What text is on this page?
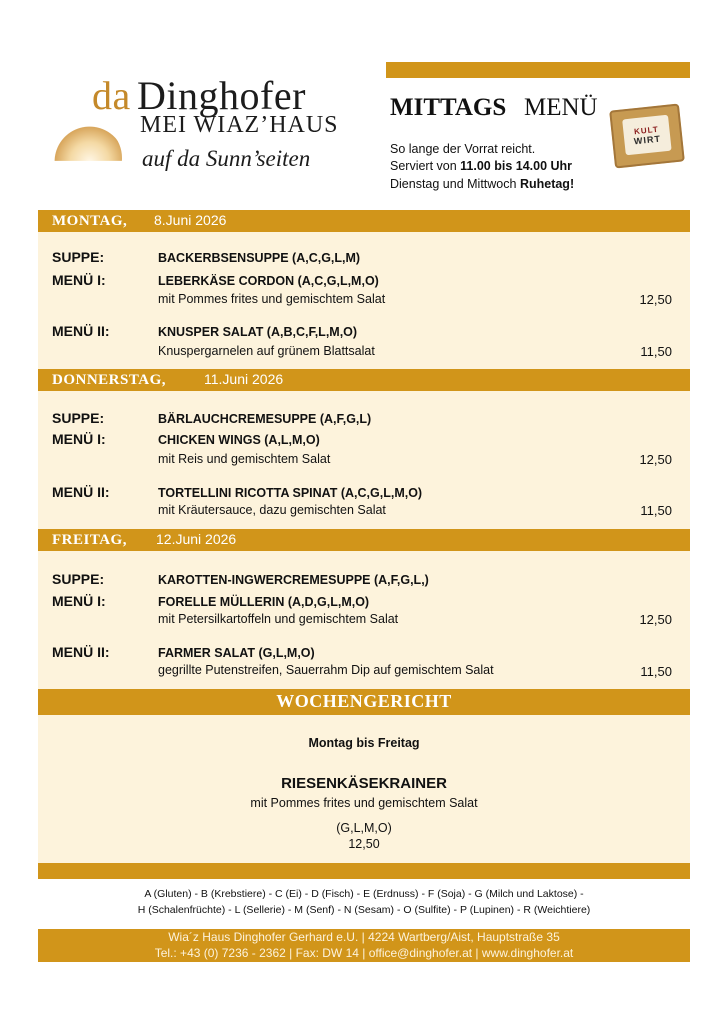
da Dinghofer
MEI WIAZ’HAUS
auf da Sunn’seiten
MITTAGS MENÜ
So lange der Vorrat reicht.
Serviert von 11.00 bis 14.00 Uhr
Dienstag und Mittwoch Ruhetag!
KULT
WIRT
MONTAG, 8.Juni 2026
SUPPE:	BACKERBSENSUPPE (A,C,G,L,M)
MENÜ I:	LEBERKÄSE CORDON (A,C,G,L,M,O)
mit Pommes frites und gemischtem Salat	12,50
MENÜ II:	KNUSPER SALAT (A,B,C,F,L,M,O)
Knuspergarnelen auf grünem Blattsalat	11,50
DONNERSTAG,	11.Juni 2026
SUPPE:	BÄRLAUCHCREMESUPPE (A,F,G,L)
MENÜ I:	CHICKEN WINGS (A,L,M,O)
mit Reis und gemischtem Salat	12,50
MENÜ II:	TORTELLINI RICOTTA SPINAT (A,C,G,L,M,O)
mit Kräutersauce, dazu gemischten Salat	11,50
FREITAG, 12.Juni 2026
SUPPE:	KAROTTEN-INGWERCREMESUPPE (A,F,G,L,)
MENÜ I:	FORELLE MÜLLERIN (A,D,G,L,M,O)
mit Petersilkartoffeln und gemischtem Salat	12,50
MENÜ II:	FARMER SALAT (G,L,M,O)
gegrillte Putenstreifen, Sauerrahm Dip auf gemischtem Salat	11,50
WOCHENGERICHT
Montag bis Freitag
RIESENKÄSEKRAINER
mit Pommes frites und gemischtem Salat
(G,L,M,O)
12,50
A (Gluten) - B (Krebstiere) - C (Ei) - D (Fisch) - E (Erdnuss) - F (Soja) - G (Milch und Laktose) -
H (Schalenfrüchte) - L (Sellerie) - M (Senf) - N (Sesam) - O (Sulfite) - P (Lupinen) - R (Weichtiere)
Wia´z Haus Dinghofer Gerhard e.U. | 4224 Wartberg/Aist, Hauptstraße 35
Tel.: +43 (0) 7236 - 2362 | Fax: DW 14 | office@dinghofer.at | www.dinghofer.at
